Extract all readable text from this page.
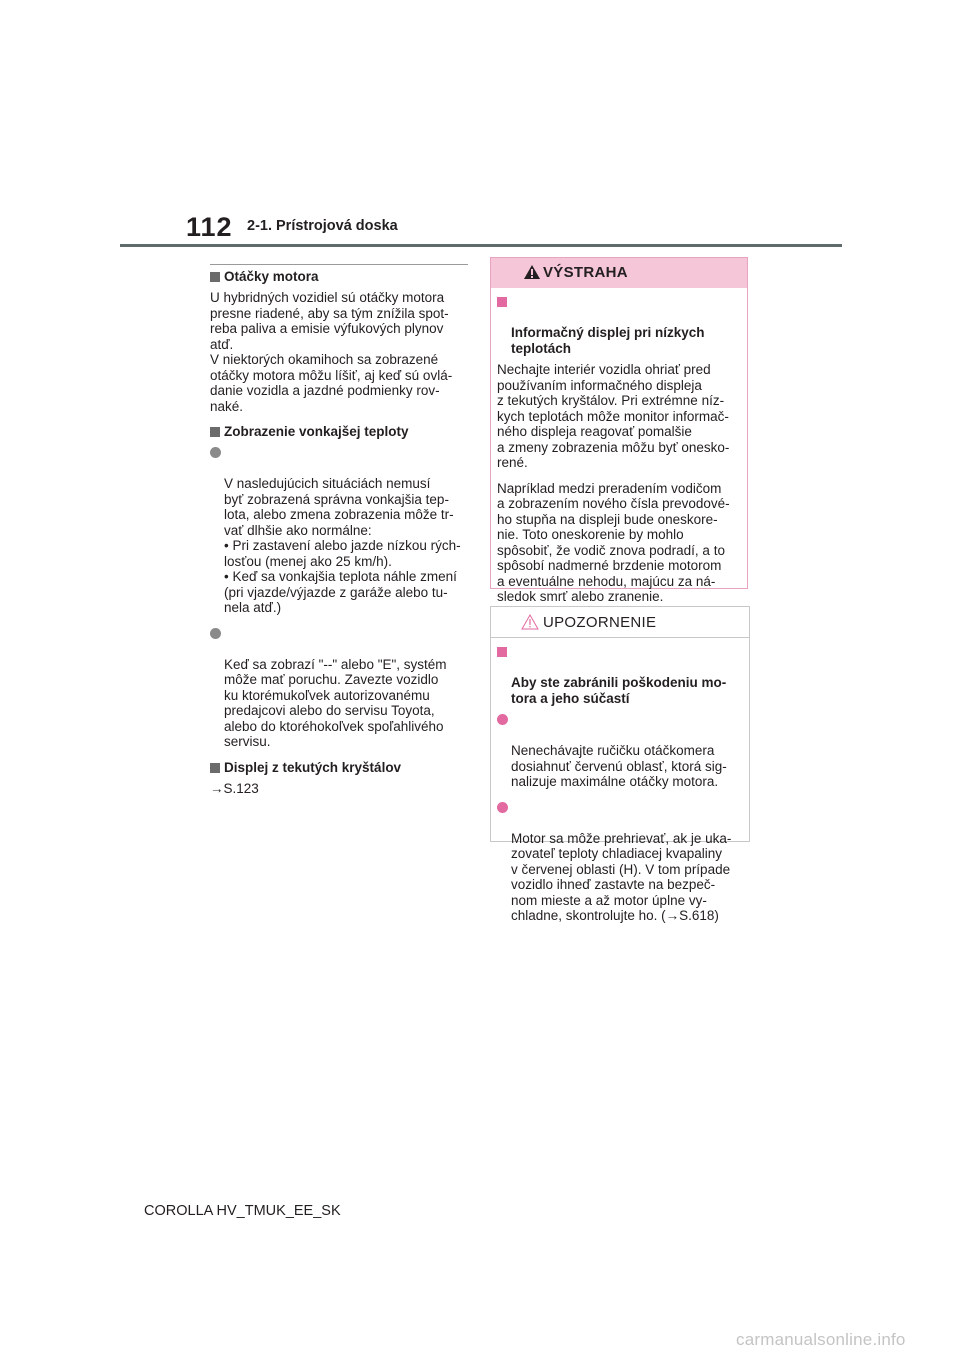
112 2-1. Prístrojová doska
Otáčky motora
U hybridných vozidiel sú otáčky motora
presne riadené, aby sa tým znížila spot-
reba paliva a emisie výfukových plynov
atď.
V niektorých okamihoch sa zobrazené
otáčky motora môžu líšiť, aj keď sú ovlá-
danie vozidla a jazdné podmienky rov-
naké.
Zobrazenie vonkajšej teploty

V nasledujúcich situáciách nemusí
byť zobrazená správna vonkajšia tep-
lota, alebo zmena zobrazenia môže tr-
vať dlhšie ako normálne:
• Pri zastavení alebo jazde nízkou rých-
losťou (menej ako 25 km/h).
• Keď sa vonkajšia teplota náhle zmení
(pri vjazde/výjazde z garáže alebo tu-
nela atď.)

Keď sa zobrazí "--" alebo "E", systém
môže mať poruchu. Zavezte vozidlo
ku ktorémukoľvek autorizovanému
predajcovi alebo do servisu Toyota,
alebo do ktoréhokoľvek spoľahlivého
servisu.

Displej z tekutých kryštálov
→S.123
VÝSTRAHA

Informačný displej pri nízkych
teplotách

Nechajte interiér vozidla ohriať pred
používaním informačného displeja
z tekutých kryštálov. Pri extrémne níz-
kych teplotách môže monitor informač-
ného displeja reagovať pomalšie
a zmeny zobrazenia môžu byť onesko-
rené.
Napríklad medzi preradením vodičom
a zobrazením nového čísla prevodové-
ho stupňa na displeji bude oneskore-
nie. Toto oneskorenie by mohlo
spôsobiť, že vodič znova podradí, a to
spôsobí nadmerné brzdenie motorom
a eventuálne nehodu, majúcu za ná-
sledok smrť alebo zranenie.
UPOZORNENIE

Aby ste zabránili poškodeniu mo-
tora a jeho súčastí

Nenechávajte ručičku otáčkomera
dosiahnuť červenú oblasť, ktorá sig-
nalizuje maximálne otáčky motora.

Motor sa môže prehrievať, ak je uka-
zovateľ teploty chladiacej kvapaliny
v červenej oblasti (H). V tom prípade
vozidlo ihneď zastavte na bezpeč-
nom mieste a až motor úplne vy-
chladne, skontrolujte ho. (→S.618)

COROLLA HV_TMUK_EE_SK
carmanualsonline.info
